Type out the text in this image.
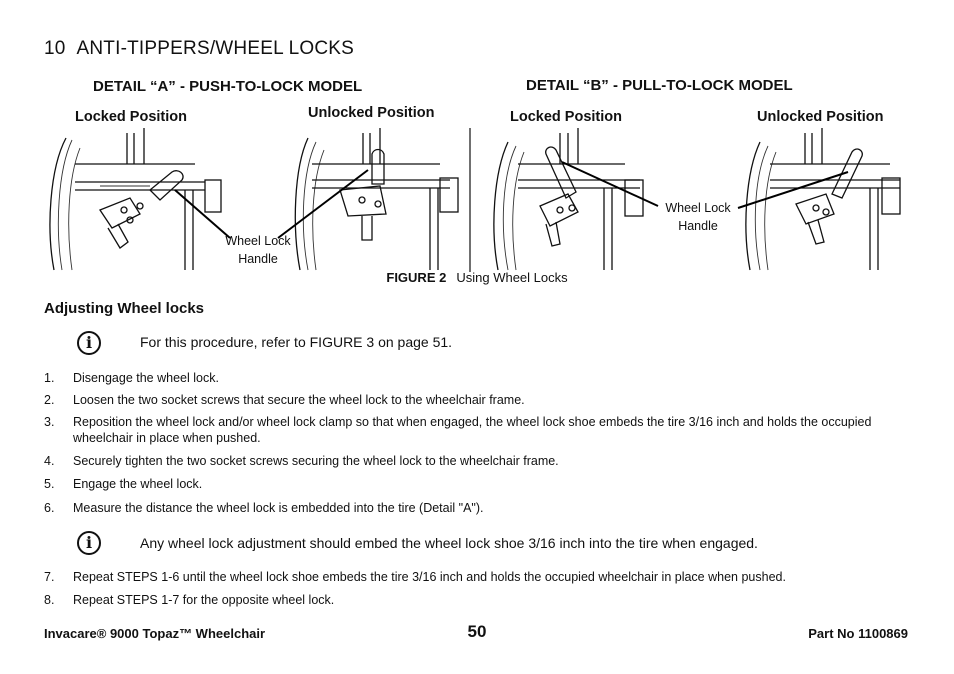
10 ANTI-TIPPERS/WHEEL LOCKS
DETAIL “A” - PUSH-TO-LOCK MODEL	DETAIL “B” - PULL-TO-LOCK MODEL
Locked Position	Unlocked Position	Locked Position	Unlocked Position
Wheel Lock
Handle
Wheel Lock
Handle
FIGURE 2 Using Wheel Locks
Adjusting Wheel locks
i	For this procedure, refer to FIGURE 3 on page 51.
1. Disengage the wheel lock.
2. Loosen the two socket screws that secure the wheel lock to the wheelchair frame.
3. Reposition the wheel lock and/or wheel lock clamp so that when engaged, the wheel lock shoe embeds the tire 3/16 inch and holds the occupied wheelchair in place when pushed.
4. Securely tighten the two socket screws securing the wheel lock to the wheelchair frame.
5. Engage the wheel lock.
6. Measure the distance the wheel lock is embedded into the tire (Detail "A").
i	Any wheel lock adjustment should embed the wheel lock shoe 3/16 inch into the tire when engaged.
7. Repeat STEPS 1-6 until the wheel lock shoe embeds the tire 3/16 inch and holds the occupied wheelchair in place when pushed.
8. Repeat STEPS 1-7 for the opposite wheel lock.
Invacare® 9000 Topaz™ Wheelchair	50	Part No 1100869
